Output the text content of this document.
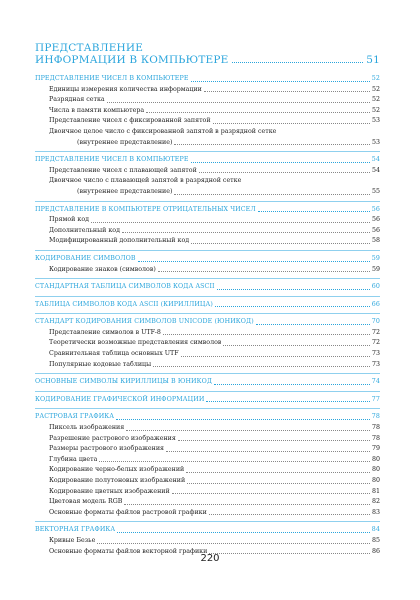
ПРЕДСТАВЛЕНИЕ
ИНФОРМАЦИИ В КОМПЬЮТЕРЕ	51
ПРЕДСТАВЛЕНИЕ ЧИСЕЛ В КОМПЬЮТЕРЕ	52
Единицы измерения количества информации	52
Разрядная сетка	52
Числа в памяти компьютера	52
Представление чисел с фиксированной запятой	53
Двоичное целое число с фиксированной запятой в разрядной сетке
(внутреннее представление)	53
ПРЕДСТАВЛЕНИЕ ЧИСЕЛ В КОМПЬЮТЕРЕ	54
Представление чисел с плавающей запятой	54
Двоичное число с плавающей запятой в разрядной сетке
(внутреннее представление)	55
ПРЕДСТАВЛЕНИЕ В КОМПЬЮТЕРЕ ОТРИЦАТЕЛЬНЫХ ЧИСЕЛ	56
Прямой код	56
Дополнительный код	56
Модифицированный дополнительный код	58
КОДИРОВАНИЕ СИМВОЛОВ	59
Кодирование знаков (символов)	59
СТАНДАРТНАЯ ТАБЛИЦА СИМВОЛОВ КОДА ASCII	60
ТАБЛИЦА СИМВОЛОВ КОДА ASCII (КИРИЛЛИЦА)	66
СТАНДАРТ КОДИРОВАНИЯ СИМВОЛОВ UNICODE (ЮНИКОД)	70
Представление символов в UTF-8	72
Теоретически возможные представления символов	72
Сравнительная таблица основных UTF	73
Популярные кодовые таблицы	73
ОСНОВНЫЕ СИМВОЛЫ КИРИЛЛИЦЫ В ЮНИКОД	74
КОДИРОВАНИЕ ГРАФИЧЕСКОЙ ИНФОРМАЦИИ	77
РАСТРОВАЯ ГРАФИКА	78
Пиксель изображения	78
Разрешение растрового изображения	78
Размеры растрового изображения	79
Глубина цвета	80
Кодирование черно-белых изображений	80
Кодирование полутоновых изображений	80
Кодирование цветных изображений	81
Цветовая модель RGB	82
Основные форматы файлов растровой графики	83
ВЕКТОРНАЯ ГРАФИКА	84
Кривые Безье	85
Основные форматы файлов векторной графики	86
220
